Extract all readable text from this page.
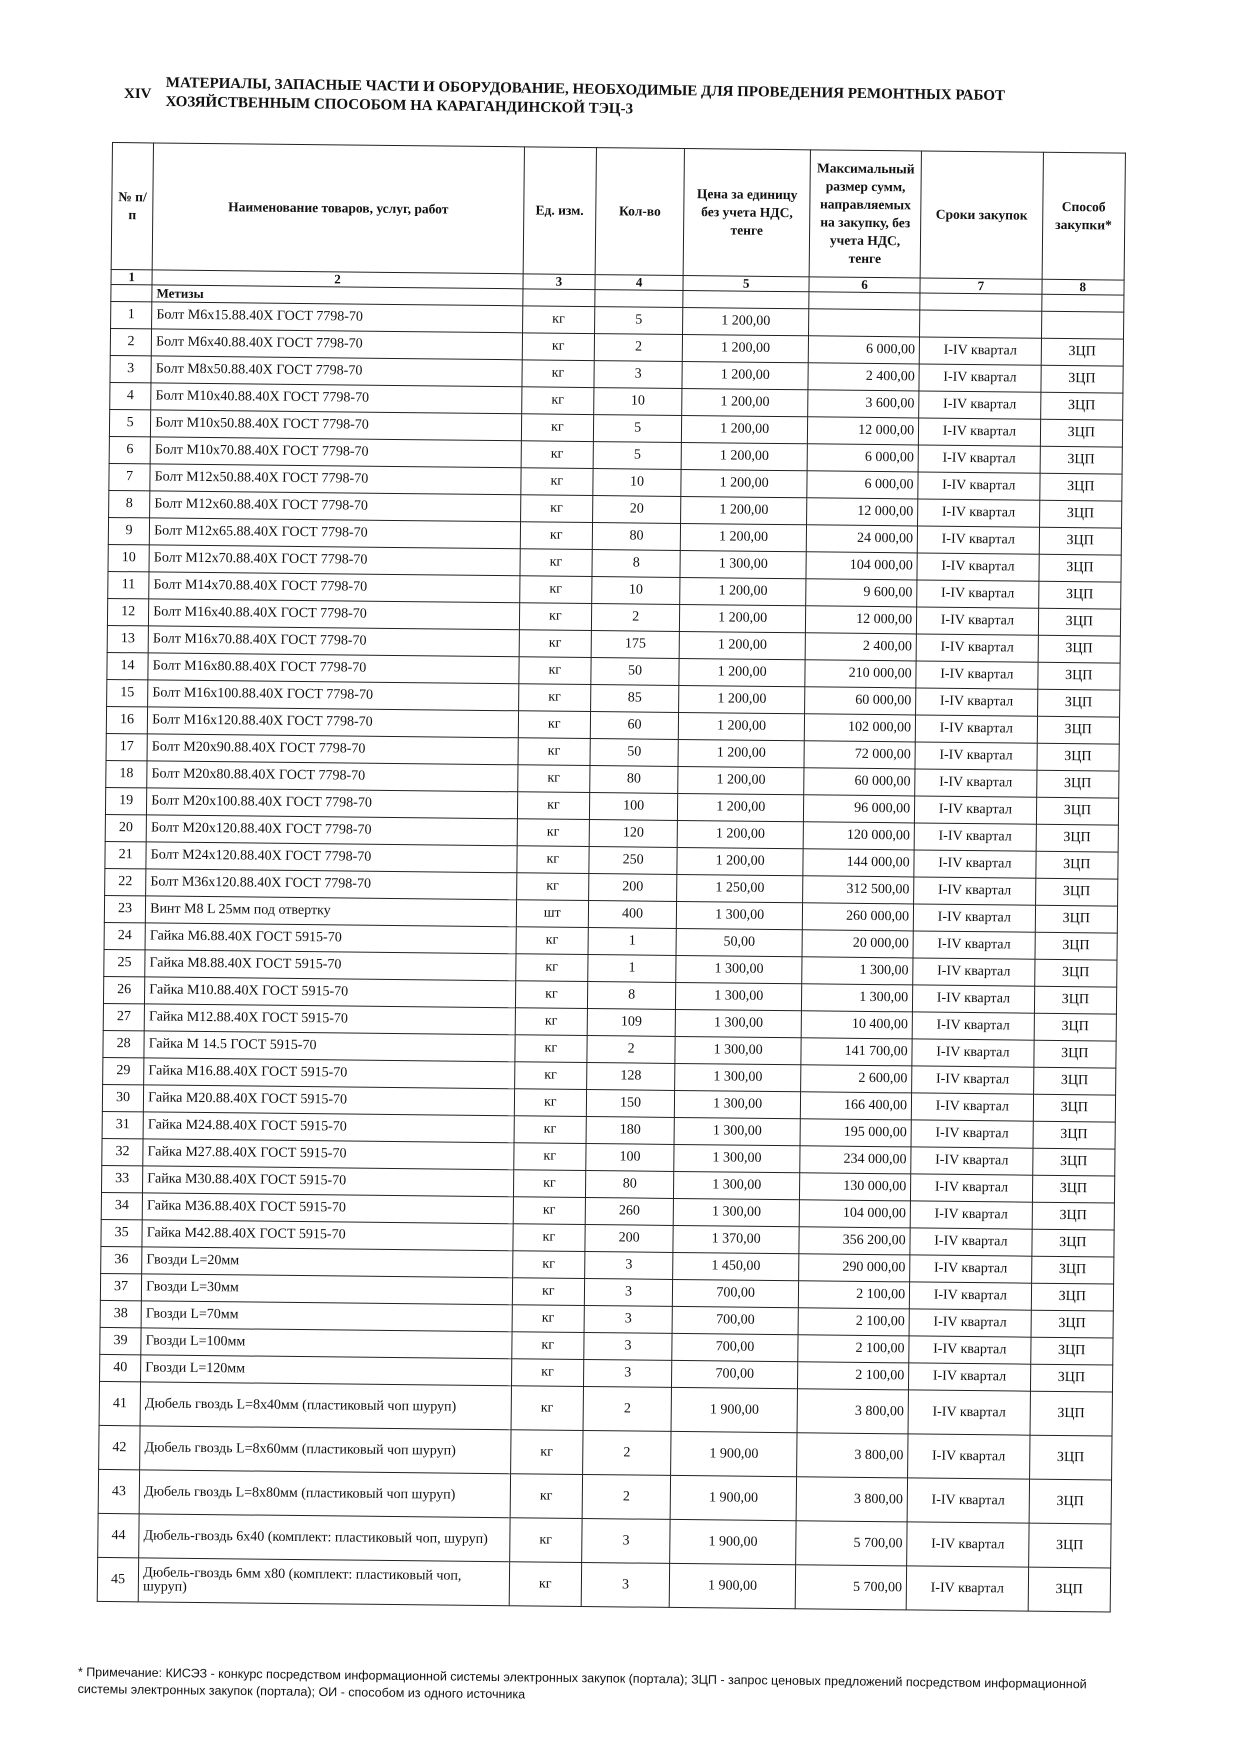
XIV МАТЕРИАЛЫ, ЗАПАСНЫЕ ЧАСТИ И ОБОРУДОВАНИЕ, НЕОБХОДИМЫЕ ДЛЯ ПРОВЕДЕНИЯ РЕМОНТНЫХ РАБОТ ХОЗЯЙСТВЕННЫМ СПОСОБОМ НА КАРАГАНДИНСКОЙ ТЭЦ-3
№ п/п	Наименование товаров, услуг, работ	Ед. изм.	Кол-во	Цена за единицу без учета НДС, тенге	Максимальный размер сумм, направляемых на закупку, без учета НДС, тенге	Сроки закупок	Способ закупки*
1	2	3	4	5	6	7	8
	Метизы						
1	Болт М6х15.88.40Х ГОСТ 7798-70	кг	5	1 200,00			
2	Болт М6х40.88.40Х ГОСТ 7798-70	кг	2	1 200,00	6 000,00	I-IV квартал	ЗЦП
3	Болт М8х50.88.40Х ГОСТ 7798-70	кг	3	1 200,00	2 400,00	I-IV квартал	ЗЦП
4	Болт М10х40.88.40Х ГОСТ 7798-70	кг	10	1 200,00	3 600,00	I-IV квартал	ЗЦП
5	Болт М10х50.88.40Х ГОСТ 7798-70	кг	5	1 200,00	12 000,00	I-IV квартал	ЗЦП
6	Болт М10х70.88.40Х ГОСТ 7798-70	кг	5	1 200,00	6 000,00	I-IV квартал	ЗЦП
7	Болт М12х50.88.40Х ГОСТ 7798-70	кг	10	1 200,00	6 000,00	I-IV квартал	ЗЦП
8	Болт М12х60.88.40Х ГОСТ 7798-70	кг	20	1 200,00	12 000,00	I-IV квартал	ЗЦП
9	Болт М12х65.88.40Х ГОСТ 7798-70	кг	80	1 200,00	24 000,00	I-IV квартал	ЗЦП
10	Болт М12х70.88.40Х ГОСТ 7798-70	кг	8	1 300,00	104 000,00	I-IV квартал	ЗЦП
11	Болт М14х70.88.40Х ГОСТ 7798-70	кг	10	1 200,00	9 600,00	I-IV квартал	ЗЦП
12	Болт М16х40.88.40Х ГОСТ 7798-70	кг	2	1 200,00	12 000,00	I-IV квартал	ЗЦП
13	Болт М16х70.88.40Х ГОСТ 7798-70	кг	175	1 200,00	2 400,00	I-IV квартал	ЗЦП
14	Болт М16х80.88.40Х ГОСТ 7798-70	кг	50	1 200,00	210 000,00	I-IV квартал	ЗЦП
15	Болт М16х100.88.40Х ГОСТ 7798-70	кг	85	1 200,00	60 000,00	I-IV квартал	ЗЦП
16	Болт М16х120.88.40Х ГОСТ 7798-70	кг	60	1 200,00	102 000,00	I-IV квартал	ЗЦП
17	Болт М20х90.88.40Х ГОСТ 7798-70	кг	50	1 200,00	72 000,00	I-IV квартал	ЗЦП
18	Болт М20х80.88.40Х ГОСТ 7798-70	кг	80	1 200,00	60 000,00	I-IV квартал	ЗЦП
19	Болт М20х100.88.40Х ГОСТ 7798-70	кг	100	1 200,00	96 000,00	I-IV квартал	ЗЦП
20	Болт М20х120.88.40Х ГОСТ 7798-70	кг	120	1 200,00	120 000,00	I-IV квартал	ЗЦП
21	Болт М24х120.88.40Х ГОСТ 7798-70	кг	250	1 200,00	144 000,00	I-IV квартал	ЗЦП
22	Болт М36х120.88.40Х ГОСТ 7798-70	кг	200	1 250,00	312 500,00	I-IV квартал	ЗЦП
23	Винт М8 L 25мм под отвертку	шт	400	1 300,00	260 000,00	I-IV квартал	ЗЦП
24	Гайка М6.88.40Х ГОСТ 5915-70	кг	1	50,00	20 000,00	I-IV квартал	ЗЦП
25	Гайка М8.88.40Х ГОСТ 5915-70	кг	1	1 300,00	1 300,00	I-IV квартал	ЗЦП
26	Гайка М10.88.40Х ГОСТ 5915-70	кг	8	1 300,00	1 300,00	I-IV квартал	ЗЦП
27	Гайка М12.88.40Х ГОСТ 5915-70	кг	109	1 300,00	10 400,00	I-IV квартал	ЗЦП
28	Гайка М 14.5 ГОСТ 5915-70	кг	2	1 300,00	141 700,00	I-IV квартал	ЗЦП
29	Гайка М16.88.40Х ГОСТ 5915-70	кг	128	1 300,00	2 600,00	I-IV квартал	ЗЦП
30	Гайка М20.88.40Х ГОСТ 5915-70	кг	150	1 300,00	166 400,00	I-IV квартал	ЗЦП
31	Гайка М24.88.40Х ГОСТ 5915-70	кг	180	1 300,00	195 000,00	I-IV квартал	ЗЦП
32	Гайка М27.88.40Х ГОСТ 5915-70	кг	100	1 300,00	234 000,00	I-IV квартал	ЗЦП
33	Гайка М30.88.40Х ГОСТ 5915-70	кг	80	1 300,00	130 000,00	I-IV квартал	ЗЦП
34	Гайка М36.88.40Х ГОСТ 5915-70	кг	260	1 300,00	104 000,00	I-IV квартал	ЗЦП
35	Гайка М42.88.40Х ГОСТ 5915-70	кг	200	1 370,00	356 200,00	I-IV квартал	ЗЦП
36	Гвозди L=20мм	кг	3	1 450,00	290 000,00	I-IV квартал	ЗЦП
37	Гвозди L=30мм	кг	3	700,00	2 100,00	I-IV квартал	ЗЦП
38	Гвозди L=70мм	кг	3	700,00	2 100,00	I-IV квартал	ЗЦП
39	Гвозди L=100мм	кг	3	700,00	2 100,00	I-IV квартал	ЗЦП
40	Гвозди L=120мм	кг	3	700,00	2 100,00	I-IV квартал	ЗЦП
41	Дюбель гвоздь L=8х40мм (пластиковый чоп шуруп)	кг	2	1 900,00	3 800,00	I-IV квартал	ЗЦП
42	Дюбель гвоздь L=8х60мм (пластиковый чоп шуруп)	кг	2	1 900,00	3 800,00	I-IV квартал	ЗЦП
43	Дюбель гвоздь L=8х80мм (пластиковый чоп шуруп)	кг	2	1 900,00	3 800,00	I-IV квартал	ЗЦП
44	Дюбель-гвоздь 6х40 (комплект: пластиковый чоп, шуруп)	кг	3	1 900,00	5 700,00	I-IV квартал	ЗЦП
45	Дюбель-гвоздь 6мм х80 (комплект: пластиковый чоп, шуруп)	кг	3	1 900,00	5 700,00	I-IV квартал	ЗЦП
* Примечание: КИСЭЗ - конкурс посредством информационной системы электронных закупок (портала); ЗЦП - запрос ценовых предложений посредством информационной системы электронных закупок (портала); ОИ - способом из одного источника
